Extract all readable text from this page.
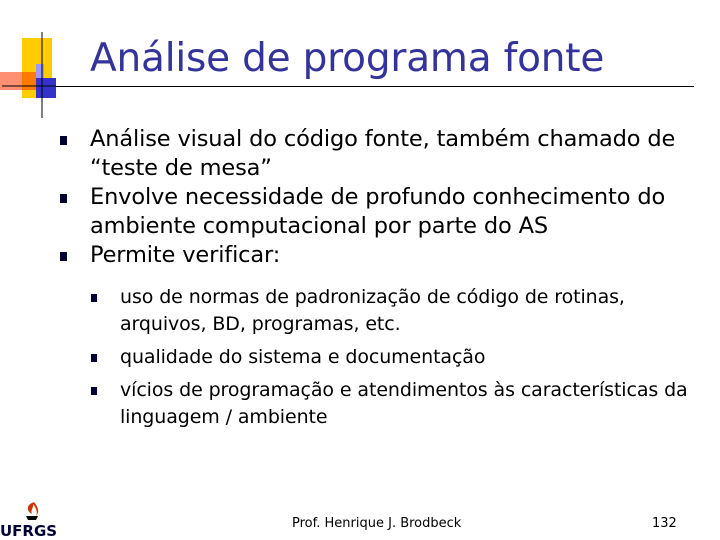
Análise de programa fonte
Análise visual do código fonte, também chamado de “teste de mesa”
Envolve necessidade de profundo conhecimento do ambiente computacional por parte do AS
Permite verificar:
uso de normas de padronização de código de rotinas, arquivos, BD, programas, etc.
qualidade do sistema e documentação
vícios de programação e atendimentos às características da linguagem / ambiente
UFRGS	Prof. Henrique J. Brodbeck	132
